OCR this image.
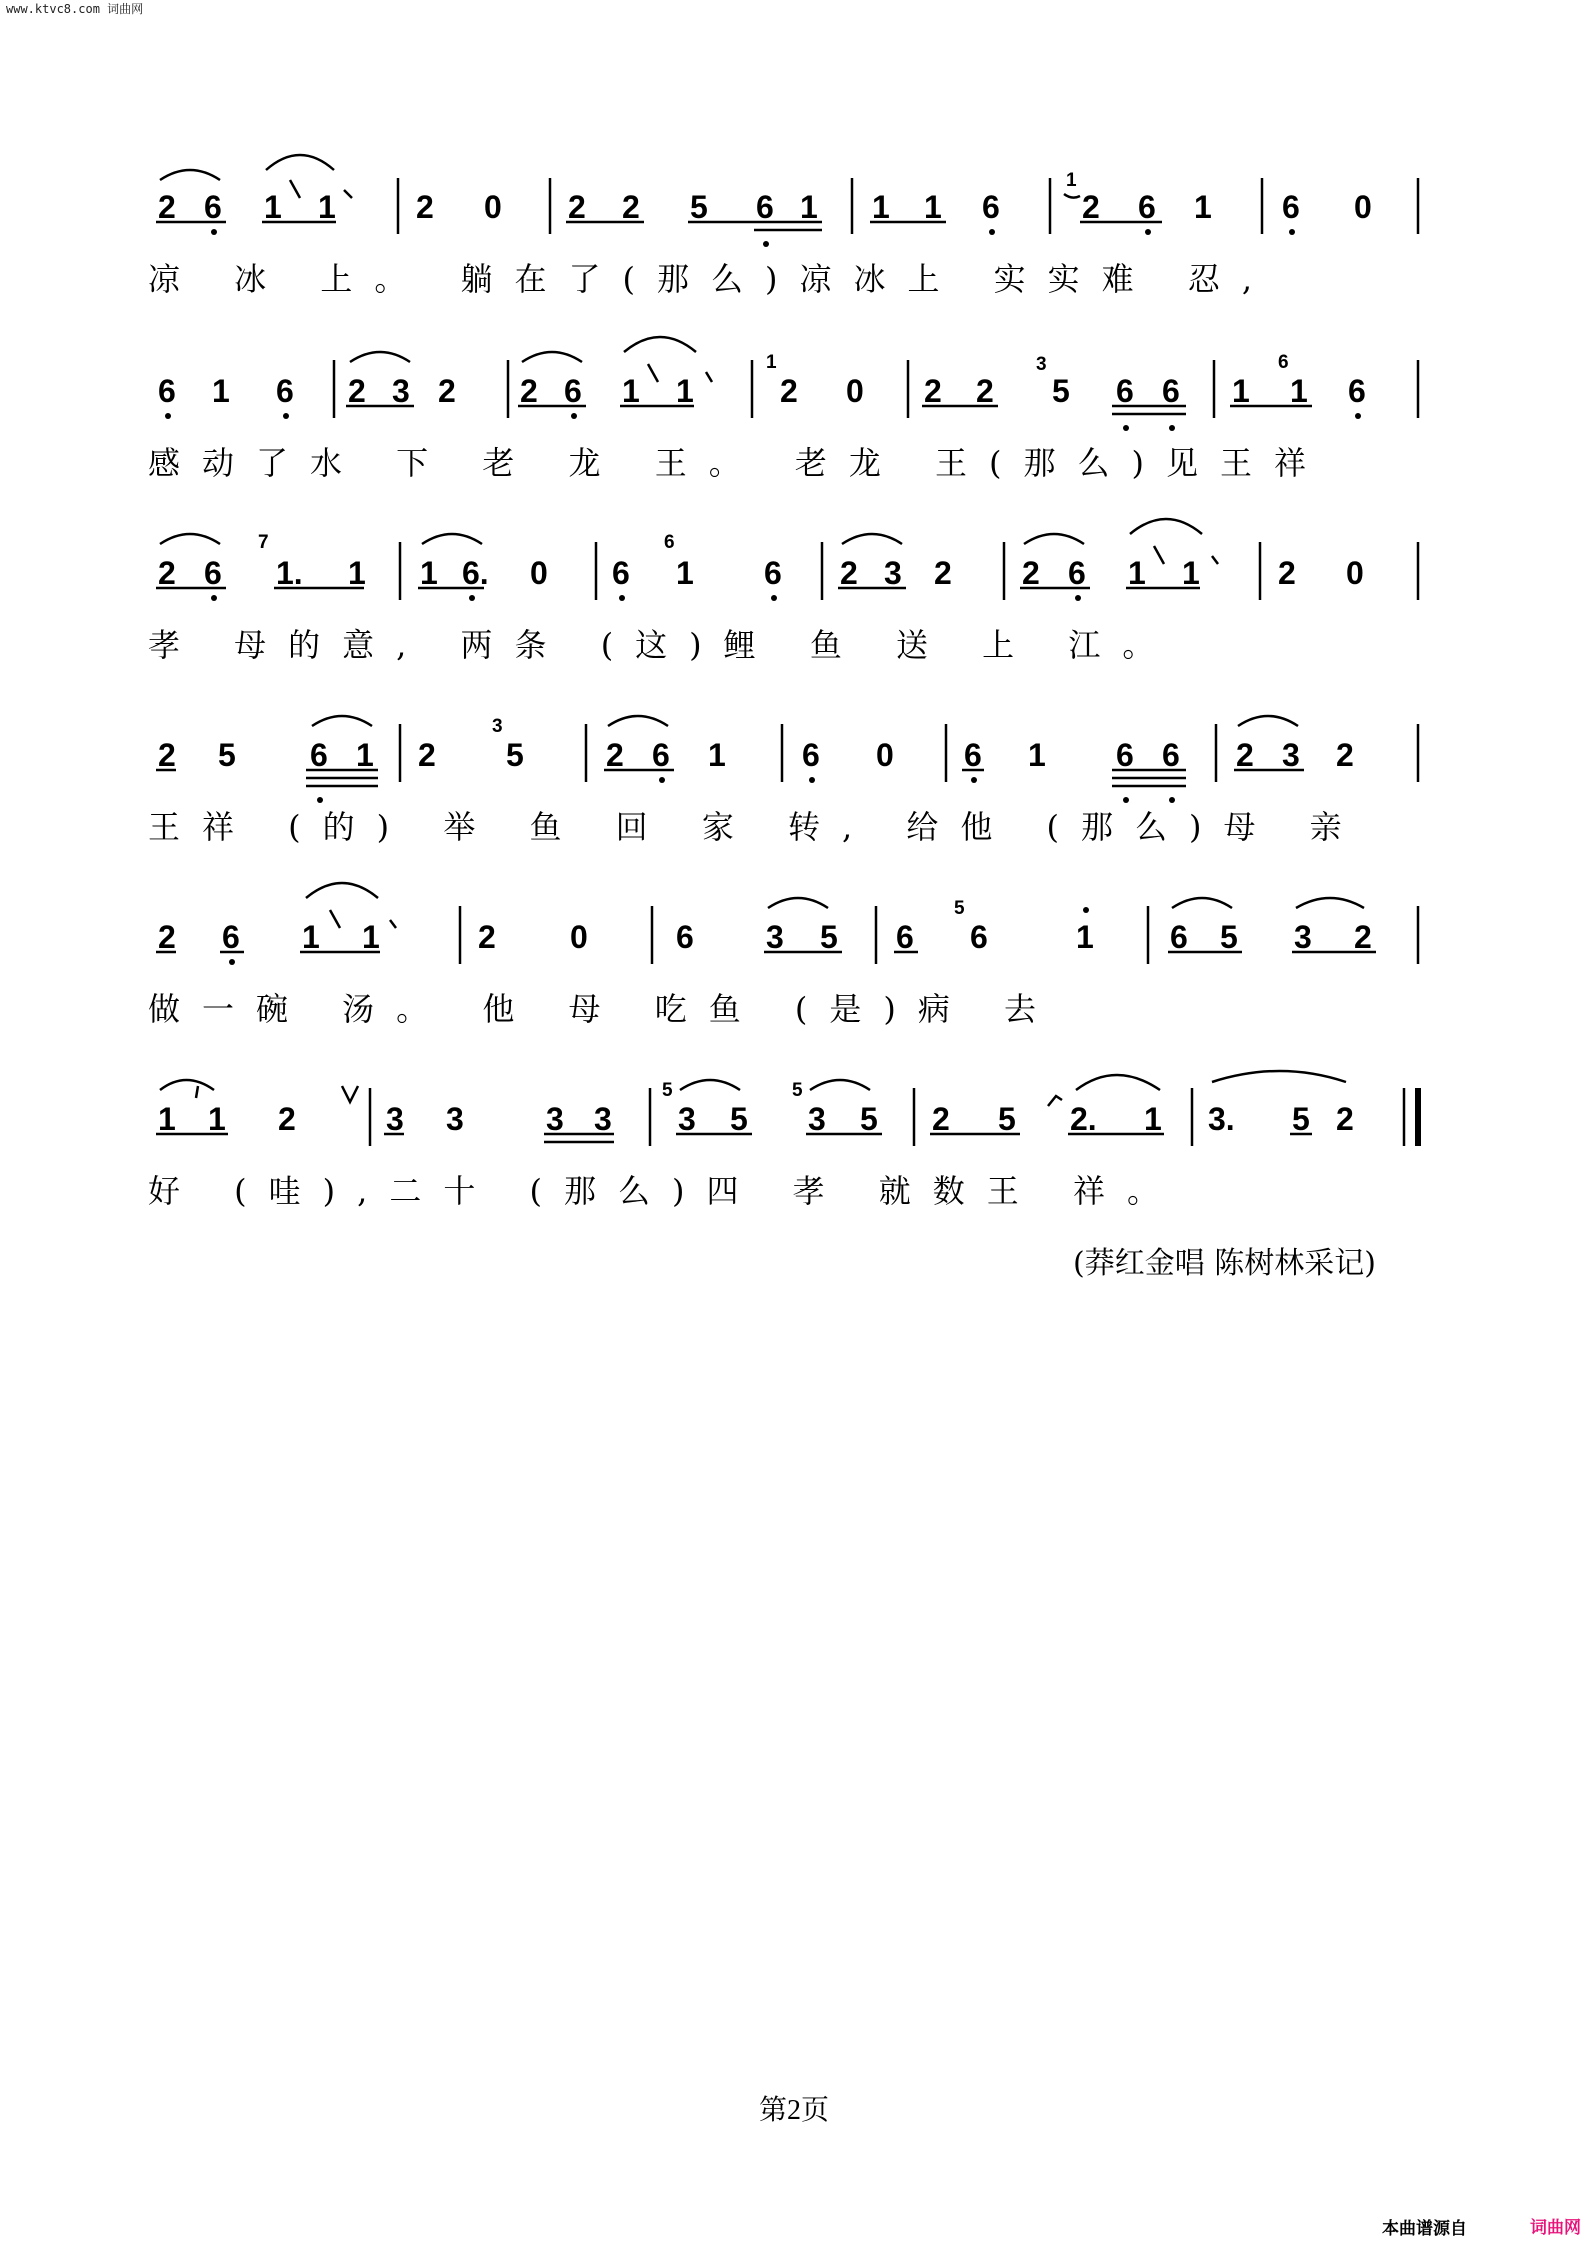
www.ktvc8.com 词曲网
2 6 1 1	2 0 2 2 5 6 1 1 1 6
1
2 6 1 6 0
6 1 6 2 3 2 2 6 1 1
1
2 0 2 2
3
5 6 6 1
6
1 6
2 6
7
1. 1 1 6. 0 6
6
1 6 2 3 2 2 6 1 1 2 0
2 5 6 1 2
3
5	2 6 1 6 0 6 1 6 6 2 3 2
2 6 1 1	2 0	6 3 5 6
5
6	1 6 5 3 2
1 1 2	3 3	3 3
5
3 5
5
3 5 2 5 2. 1 3. 5 2
凉 冰 上。 躺在了(那么)凉冰上 实实难 忍,
感动了水 下 老 龙 王。 老龙 王(那么)见王祥
孝 母的意, 两条 (这)鲤 鱼 送 上 江。
王祥 (的) 举 鱼 回 家 转, 给他 (那么)母 亲
做一碗 汤。 他 母 吃鱼 (是)病 去
好 (哇),二十 (那么)四 孝 就数王 祥。
(莽红金唱 陈树林采记)
第2页
本曲谱源自	词曲网
